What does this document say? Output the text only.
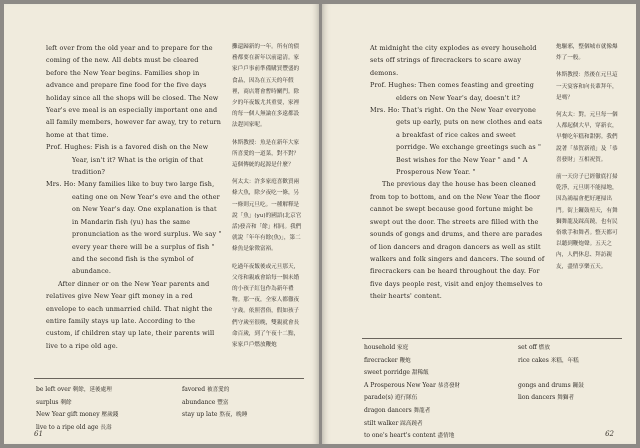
left over from the old year and to prepare for the coming of the new. All debts must be cleared before the New Year begins. Families shop in advance and prepare fine food for the five days holiday since all the shops will be closed. The New Year's eve meal is an especially important one and all family members, however far away, try to return home at that time.

Prof. Hughes: Fish is a favored dish on the New Year, isn't it? What is the origin of that tradition?

Mrs. Ho: Many families like to buy two large fish, eating one on New Year's eve and the other on New Year's day. One explanation is that in Mandarin fish (yu) has the same pronunciation as the word surplus. We say " every year there will be a surplus of fish " and the second fish is the symbol of abundance.

After dinner or on the New Year parents and relatives give New Year gift money in a red envelope to each unmarried child. That night the entire family stays up late. According to the custom, if children stay up late, their parents will live to a ripe old age.

攤還歸新的一年。所有的債務都要在新年以前還清。家家戶戶事前準備購買豐盛的食品，因為在五天的年假裡，商店將會暫時關門。除夕的年夜飯尤其重要，家裡的每一個人無論在多遠都設法趕回家呢。

休斯教授：魚是在新年大家所喜愛的一道菜，對不對？這個傳統的起源是什麼？

何太太：許多家庭喜歡買兩條大魚，除夕夜吃一條，另一條則元旦吃。一種解釋是說「魚」(yu)的國語(北京官話)發音和「餘」相同。我們就說「年年有餘(魚)」，第二條魚是象徵富裕。

吃過年夜飯後或元旦那天，父母和親戚會給每一個未婚的小孩子紅包作為新年禮物。那一夜，全家人都徹夜守歲。依照習俗，假如孩子們守歲至很晚，雙親就會長命百歲，到了午夜十二點，家家戶戶燃放鞭炮

be left over 剩餘，延後處理
surplus 剩餘
New Year gift money 壓歲錢
live to a ripe old age 長壽
favored 被喜愛的
abundance 豐富
stay up late 熬夜，晚睡
61

At midnight the city explodes as every household sets off strings of firecrackers to scare away demons.

Prof. Hughes: Then comes feasting and greeting elders on New Year's day, doesn't it?

Mrs. Ho: That's right. On the New Year everyone gets up early, puts on new clothes and eats a breakfast of rice cakes and sweet porridge. We exchange greetings such as " Best wishes for the New Year " and " A Prosperous New Year. "

The previous day the house has been cleaned from top to bottom, and on the New Year the floor cannot be swept because good fortune might be swept out the door. The streets are filled with the sounds of gongs and drums, and there are parades of lion dancers and dragon dancers as well as stilt walkers and folk singers and dancers. The sound of firecrackers can be heard throughout the day. For five days people rest, visit and enjoy themselves to their hearts' content.

炮驅邪，整個城市就像爆炸了一般。

休斯教授：然後在元旦這一天宴客和向長輩拜年，是嗎？

何太太：對。元旦每一個人都起個大早，穿新衣，早餐吃年糕和甜粥。我們說著「恭賀新禧」及「恭喜發財」互相祝賀。

前一天房子已經徹底打掃乾淨，元旦則不能掃地，因為鴻福會把好運掃出門。街上鑼鼓喧天，有舞獅舞龍及踩高蹺，也有民俗歌手和舞者。整天都可以聽到鞭炮聲。五天之內，人們休息、拜訪親友，盡情享樂五天。

household 家庭
firecracker 鞭炮
sweet porridge 甜稀飯
A Prosperous New Year 恭喜發財
parade(s) 遊行隊伍
dragon dancers 舞龍者
stilt walker 踩高蹺者
to one's heart's content 盡情地
set off 燃放
rice cakes 米糕，年糕
gongs and drums 鑼鼓
lion dancers 舞獅者
62
